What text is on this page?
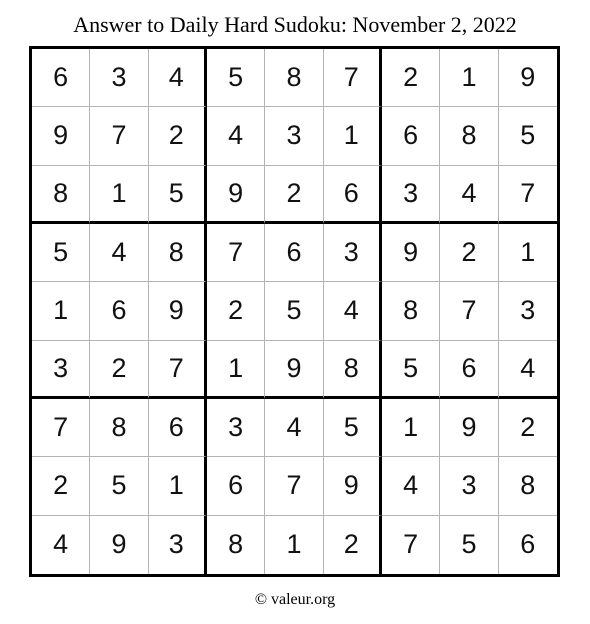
Answer to Daily Hard Sudoku: November 2, 2022
6	3	4	5	8	7	2	1	9
9	7	2	4	3	1	6	8	5
8	1	5	9	2	6	3	4	7
5	4	8	7	6	3	9	2	1
1	6	9	2	5	4	8	7	3
3	2	7	1	9	8	5	6	4
7	8	6	3	4	5	1	9	2
2	5	1	6	7	9	4	3	8
4	9	3	8	1	2	7	5	6
© valeur.org
